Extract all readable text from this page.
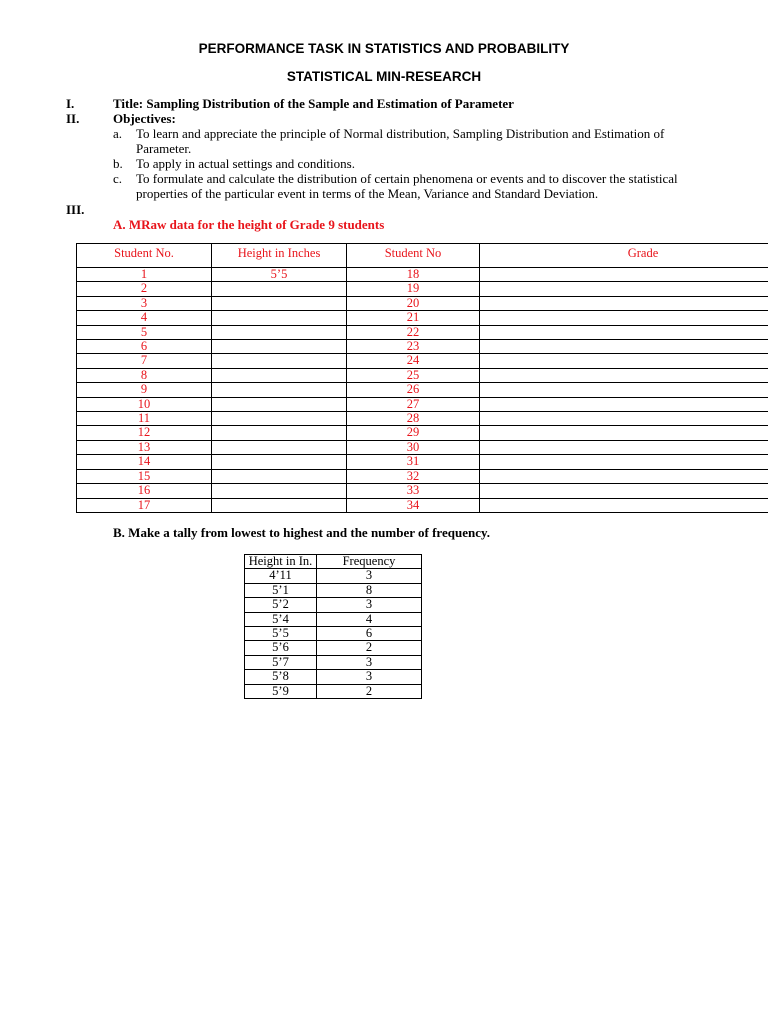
PERFORMANCE TASK IN STATISTICS AND PROBABILITY
STATISTICAL MIN-RESEARCH
I.	Title: Sampling Distribution of the Sample and Estimation of Parameter
II.	Objectives:
a. To learn and appreciate the principle of Normal distribution, Sampling Distribution and Estimation of Parameter.
b. To apply in actual settings and conditions.
c. To formulate and calculate the distribution of certain phenomena or events and to discover the statistical properties of the particular event in terms of the Mean, Variance and Standard Deviation.
III.
A. MRaw data for the height of Grade 9 students
Student No.	Height in Inches	Student No	Grade
1	5’5	18	
2		19	
3		20	
4		21	
5		22	
6		23	
7		24	
8		25	
9		26	
10		27	
11		28	
12		29	
13		30	
14		31	
15		32	
16		33	
17		34	
B. Make a tally from lowest to highest and the number of frequency.
Height in In.	Frequency
4’11	3
5’1	8
5’2	3
5’4	4
5’5	6
5’6	2
5’7	3
5’8	3
5’9	2
